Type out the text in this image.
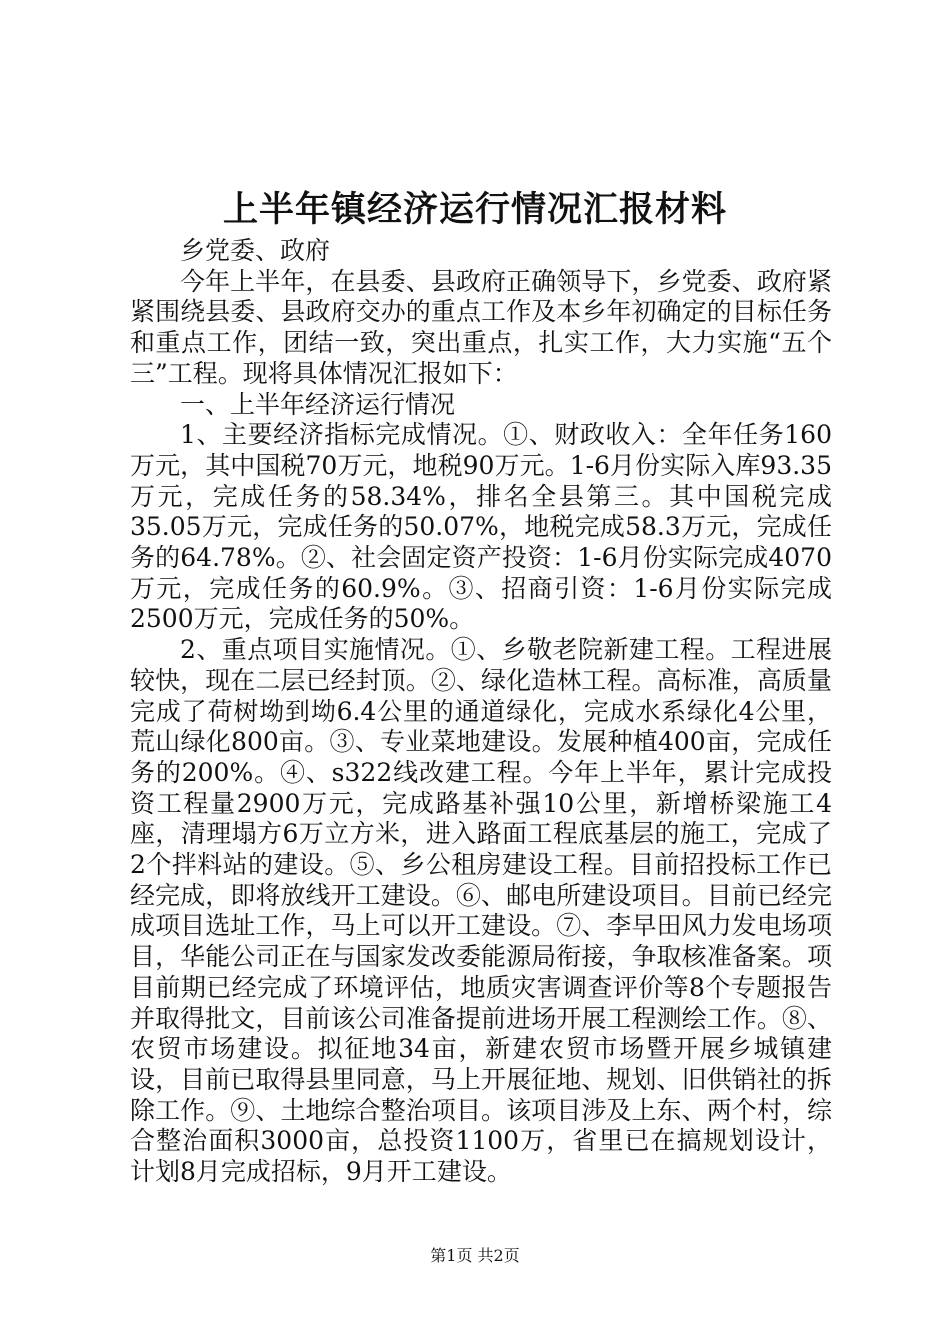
上半年镇经济运行情况汇报材料

乡党委、政府

今年上半年，在县委、县政府正确领导下，乡党委、政府紧紧围绕县委、县政府交办的重点工作及本乡年初确定的目标任务和重点工作，团结一致，突出重点，扎实工作，大力实施“五个三”工程。现将具体情况汇报如下：

一、上半年经济运行情况

1、主要经济指标完成情况。①、财政收入：全年任务160万元，其中国税70万元，地税90万元。1-6月份实际入库93.35万元，完成任务的58.34%，排名全县第三。其中国税完成35.05万元，完成任务的50.07%，地税完成58.3万元，完成任务的64.78%。②、社会固定资产投资：1-6月份实际完成4070万元，完成任务的60.9%。③、招商引资：1-6月份实际完成2500万元，完成任务的50%。

2、重点项目实施情况。①、乡敬老院新建工程。工程进展较快，现在二层已经封顶。②、绿化造林工程。高标准，高质量完成了荷树坳到坳6.4公里的通道绿化，完成水系绿化4公里，荒山绿化800亩。③、专业菜地建设。发展种植400亩，完成任务的200%。④、s322线改建工程。今年上半年，累计完成投资工程量2900万元，完成路基补强10公里，新增桥梁施工4座，清理塌方6万立方米，进入路面工程底基层的施工，完成了2个拌料站的建设。⑤、乡公租房建设工程。目前招投标工作已经完成，即将放线开工建设。⑥、邮电所建设项目。目前已经完成项目选址工作，马上可以开工建设。⑦、李早田风力发电场项目，华能公司正在与国家发改委能源局衔接，争取核准备案。项目前期已经完成了环境评估，地质灾害调查评价等8个专题报告并取得批文，目前该公司准备提前进场开展工程测绘工作。⑧、农贸市场建设。拟征地34亩，新建农贸市场暨开展乡城镇建设，目前已取得县里同意，马上开展征地、规划、旧供销社的拆除工作。⑨、土地综合整治项目。该项目涉及上东、两个村，综合整治面积3000亩，总投资1100万，省里已在搞规划设计，计划8月完成招标，9月开工建设。

第1页 共2页
